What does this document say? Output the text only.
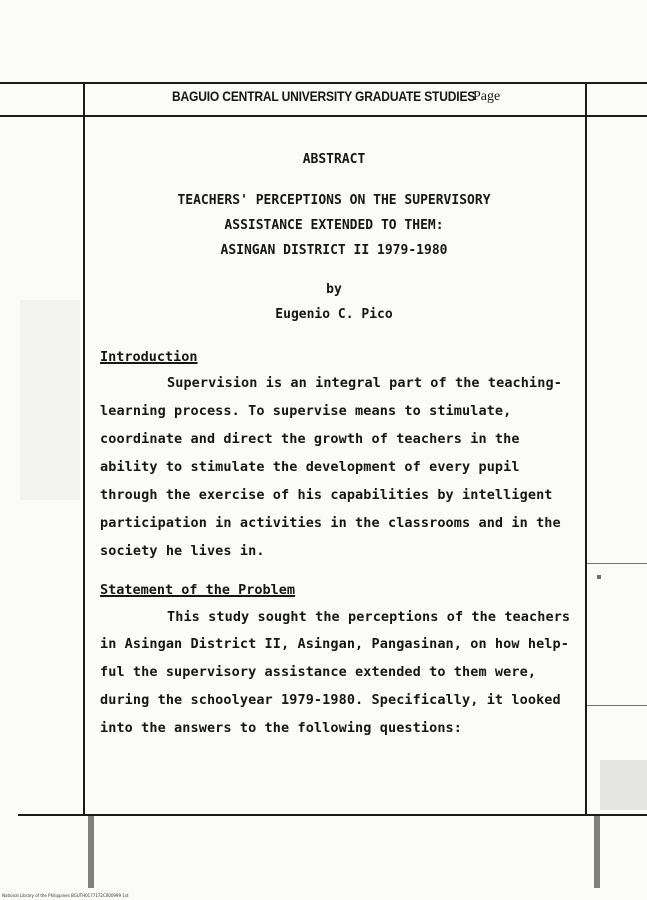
BAGUIO CENTRAL UNIVERSITY GRADUATE STUDIES
Page
ABSTRACT
TEACHERS' PERCEPTIONS ON THE SUPERVISORY
ASSISTANCE EXTENDED TO THEM:
ASINGAN DISTRICT II 1979-1980
by
Eugenio C. Pico
Introduction
Supervision is an integral part of the teaching-
learning process. To supervise means to stimulate,
coordinate and direct the growth of teachers in the
ability to stimulate the development of every pupil
through the exercise of his capabilities by intelligent
participation in activities in the classrooms and in the
society he lives in.
Statement of the Problem
This study sought the perceptions of the teachers
in Asingan District II, Asingan, Pangasinan, on how help-
ful the supervisory assistance extended to them were,
during the schoolyear 1979-1980. Specifically, it looked
into the answers to the following questions:
National Library of the Philippines BGUTH0177172C000999 1st
